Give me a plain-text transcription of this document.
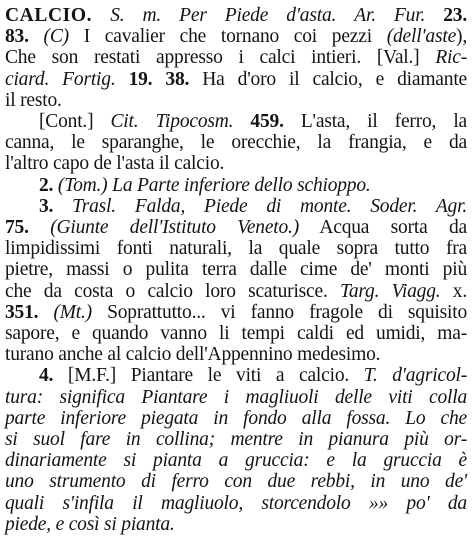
CALCIO. S. m. Per Piede d'asta. Ar. Fur. 23.
83. (C) I cavalier che tornano coi pezzi (dell'aste),
Che son restati appresso i calci intieri. [Val.] Ric-
ciard. Fortig. 19. 38. Ha d'oro il calcio, e diamante
il resto.
[Cont.] Cit. Tipocosm. 459. L'asta, il ferro, la
canna, le sparanghe, le orecchie, la frangia, e da
l'altro capo de l'asta il calcio.
2. (Tom.) La Parte inferiore dello schioppo.
3. Trasl. Falda, Piede di monte. Soder. Agr.
75. (Giunte dell'Istituto Veneto.) Acqua sorta da
limpidissimi fonti naturali, la quale sopra tutto fra
pietre, massi o pulita terra dalle cime de' monti più
che da costa o calcio loro scaturisce. Targ. Viagg. x.
351. (Mt.) Soprattutto... vi fanno fragole di squisito
sapore, e quando vanno li tempi caldi ed umidi, ma-
turano anche al calcio dell'Appennino medesimo.
4. [M.F.] Piantare le viti a calcio. T. d'agricol-
tura: significa Piantare i magliuoli delle viti colla
parte inferiore piegata in fondo alla fossa. Lo che
si suol fare in collina; mentre in pianura più or-
dinariamente si pianta a gruccia: e la gruccia è
uno strumento di ferro con due rebbi, in uno de'
quali s'infila il magliuolo, storcendolo »» po' da
piede, e così si pianta.
